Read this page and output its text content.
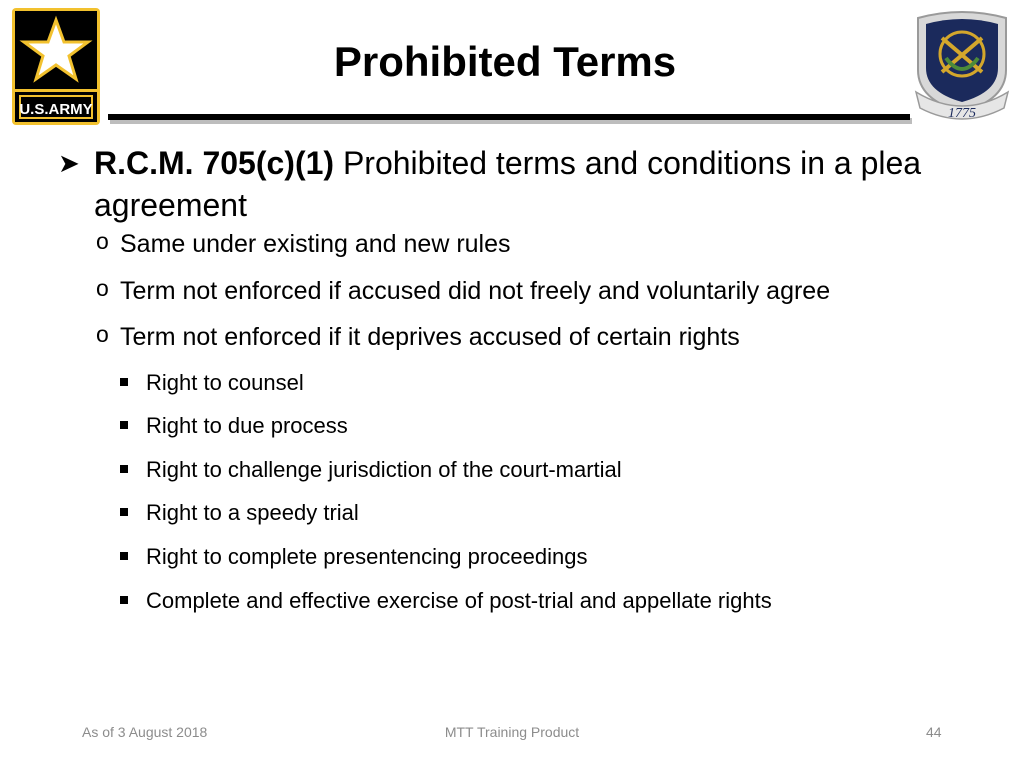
U.S.ARMY	1775
Prohibited Terms
➤ R.C.M. 705(c)(1) Prohibited terms and conditions in a plea agreement
o Same under existing and new rules
o Term not enforced if accused did not freely and voluntarily agree
o Term not enforced if it deprives accused of certain rights
Right to counsel
Right to due process
Right to challenge jurisdiction of the court-martial
Right to a speedy trial
Right to complete presentencing proceedings
Complete and effective exercise of post-trial and appellate rights
As of 3 August 2018	MTT Training Product	44
